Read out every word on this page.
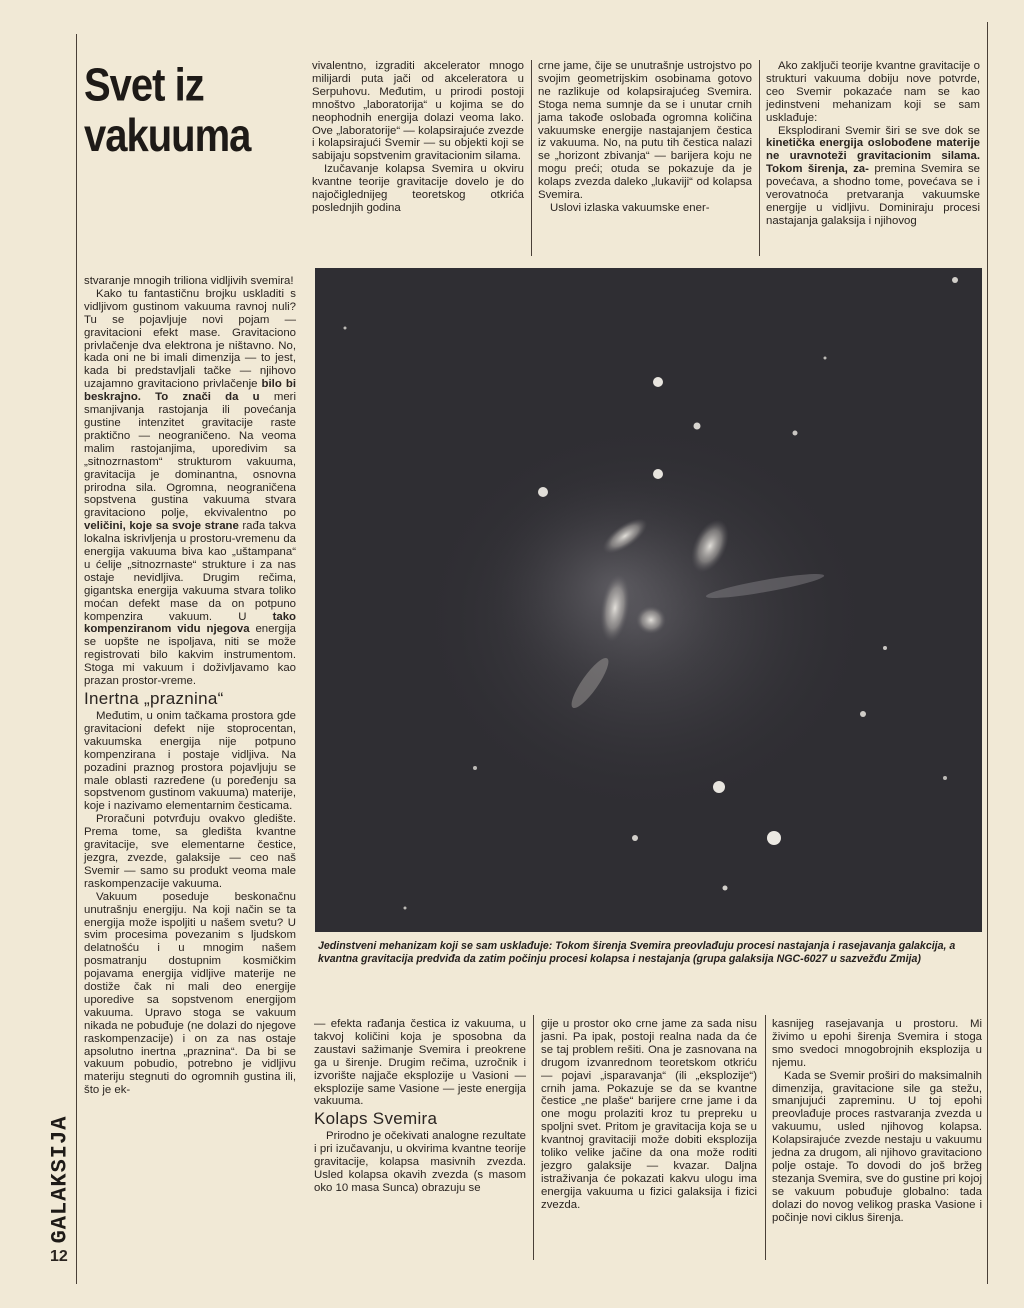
Svet iz
vakuuma

vivalentno, izgraditi akcelerator mnogo milijardi puta jači od akceleratora u Serpuhovu. Međutim, u prirodi postoji mnoštvo „laboratorija“ u kojima se do neophodnih energija dolazi veoma lako. Ove „laboratorije“ — kolapsirajuće zvezde i kolapsirajući Svemir — su objekti koji se sabijaju sopstvenim gravitacionim silama.

Izučavanje kolapsa Svemira u okviru kvantne teorije gravitacije dovelo je do najočiglednijeg teoretskog otkrića poslednjih godina

crne jame, čije se unutrašnje ustrojstvo po svojim geometrijskim osobinama gotovo ne razlikuje od kolapsirajućeg Svemira. Stoga nema sumnje da se i unutar crnih jama takođe oslobađa ogromna količina vakuumske energije nastajanjem čestica iz vakuuma. No, na putu tih čestica nalazi se „horizont zbivanja“ — barijera koju ne mogu preći; otuda se pokazuje da je kolaps zvezda daleko „lukaviji“ od kolapsa Svemira.

Uslovi izlaska vakuumske ener-

Ako zaključi teorije kvantne gravitacije o strukturi vakuuma dobiju nove potvrde, ceo Svemir pokazaće nam se kao jedinstveni mehanizam koji se sam usklađuje:

Eksplodirani Svemir širi se sve dok se kinetička energija oslobođene materije ne uravnoteži gravitacionim silama. Tokom širenja, za- premina Svemira se povećava, a shodno tome, povećava se i verovatnoća pretvaranja vakuumske energije u vidljivu. Dominiraju procesi nastajanja galaksija i njihovog

stvaranje mnogih triliona vidljivih svemira!

Kako tu fantastičnu brojku uskladiti s vidljivom gustinom vakuuma ravnoj nuli? Tu se pojavljuje novi pojam — gravitacioni efekt mase. Gravitaciono privlačenje dva elektrona je ništavno. No, kada oni ne bi imali dimenzija — to jest, kada bi predstavljali tačke — njihovo uzajamno gravitaciono privlačenje bilo bi beskrajno. To znači da u meri smanjivanja rastojanja ili povećanja gustine intenzitet gravitacije raste praktično — neograničeno. Na veoma malim rastojanjima, uporedivim sa „sitnozrnastom“ strukturom vakuuma, gravitacija je dominantna, osnovna prirodna sila. Ogromna, neograničena sopstvena gustina vakuuma stvara gravitaciono polje, ekvivalentno po veličini, koje sa svoje strane rađa takva lokalna iskrivljenja u prostoru-vremenu da energija vakuuma biva kao „uštampana“ u ćelije „sitnozrnaste“ strukture i za nas ostaje nevidljiva. Drugim rečima, gigantska energija vakuuma stvara toliko moćan defekt mase da on potpuno kompenzira vakuum. U tako kompenziranom vidu njegova energija se uopšte ne ispoljava, niti se može registrovati bilo kakvim instrumentom. Stoga mi vakuum i doživljavamo kao prazan prostor-vreme.

Inertna „praznina“

Međutim, u onim tačkama prostora gde gravitacioni defekt nije stoprocentan, vakuumska energija nije potpuno kompenzirana i postaje vidljiva. Na pozadini praznog prostora pojavljuju se male oblasti razređene (u poređenju sa sopstvenom gustinom vakuuma) materije, koje i nazivamo elementarnim česticama.

Proračuni potvrđuju ovakvo gledište. Prema tome, sa gledišta kvantne gravitacije, sve elementarne čestice, jezgra, zvezde, galaksije — ceo naš Svemir — samo su produkt veoma male raskompenzacije vakuuma.

Vakuum poseduje beskonačnu unutrašnju energiju. Na koji način se ta energija može ispoljiti u našem svetu? U svim procesima povezanim s ljudskom delatnošću i u mnogim našem posmatranju dostupnim kosmičkim pojavama energija vidljive materije ne dostiže čak ni mali deo energije uporedive sa sopstvenom energijom vakuuma. Upravo stoga se vakuum nikada ne pobuđuje (ne dolazi do njegove raskompenzacije) i on za nas ostaje apsolutno inertna „praznina“. Da bi se vakuum pobudio, potrebno je vidljivu materiju stegnuti do ogromnih gustina ili, što je ek-

Jedinstveni mehanizam koji se sam usklađuje: Tokom širenja Svemira preovlađuju procesi nastajanja i rasejavanja galakcija, a kvantna gravitacija predviđa da zatim počinju procesi kolapsa i nestajanja (grupa galaksija NGC-6027 u sazvežđu Zmija)

— efekta rađanja čestica iz vakuuma, u takvoj količini koja je sposobna da zaustavi sažimanje Svemira i preokrene ga u širenje. Drugim rečima, uzročnik i izvorište najjače eksplozije u Vasioni — eksplozije same Vasione — jeste energija vakuuma.

Kolaps Svemira

Prirodno je očekivati analogne rezultate i pri izučavanju, u okvirima kvantne teorije gravitacije, kolapsa masivnih zvezda. Usled kolapsa okavih zvezda (s masom oko 10 masa Sunca) obrazuju se

gije u prostor oko crne jame za sada nisu jasni. Pa ipak, postoji realna nada da će se taj problem rešiti. Ona je zasnovana na drugom izvanrednom teoretskom otkriću — pojavi „isparavanja“ (ili „eksplozije“) crnih jama. Pokazuje se da se kvantne čestice „ne plaše“ barijere crne jame i da one mogu prolaziti kroz tu prepreku u spoljni svet. Pritom je gravitacija koja se u kvantnoj gravitaciji može dobiti eksplozija toliko velike jačine da ona može roditi jezgro galaksije — kvazar. Daljna istraživanja će pokazati kakvu ulogu ima energija vakuuma u fizici galaksija i fizici zvezda.

kasnijeg rasejavanja u prostoru. Mi živimo u epohi širenja Svemira i stoga smo svedoci mnogobrojnih eksplozija u njemu.

Kada se Svemir proširi do maksimalnih dimenzija, gravitacione sile ga stežu, smanjujući zapreminu. U toj epohi preovlađuje proces rastvaranja zvezda u vakuumu, usled njihovog kolapsa. Kolapsirajuće zvezde nestaju u vakuumu jedna za drugom, ali njihovo gravitaciono polje ostaje. To dovodi do još bržeg stezanja Svemira, sve do gustine pri kojoj se vakuum pobuđuje globalno: tada dolazi do novog velikog praska Vasione i počinje novi ciklus širenja.

GALAKSIJA
12
